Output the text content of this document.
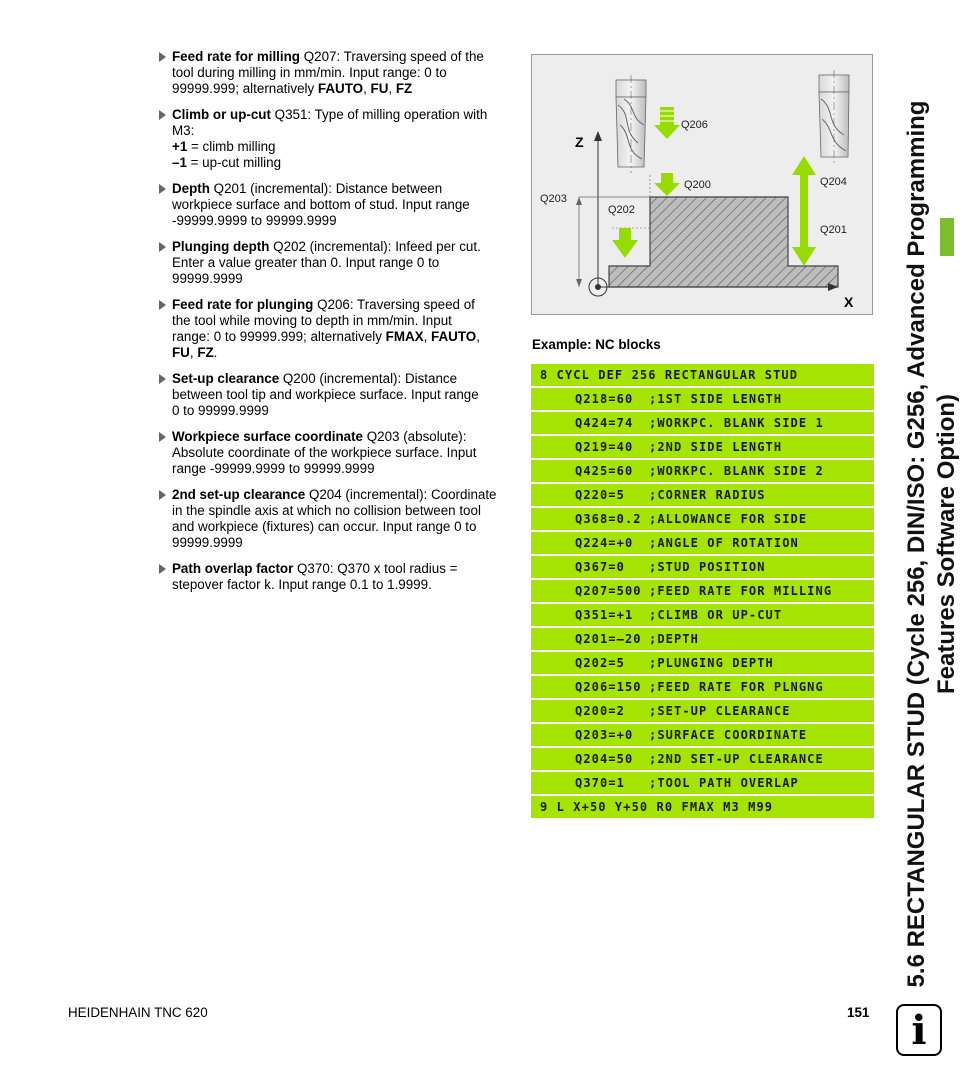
Feed rate for milling Q207: Traversing speed of the
tool during milling in mm/min. Input range: 0 to
99999.999; alternatively FAUTO, FU, FZ
Climb or up-cut Q351: Type of milling operation with
M3:
+1 = climb milling
–1 = up-cut milling
Depth Q201 (incremental): Distance between
workpiece surface and bottom of stud. Input range
-99999.9999 to 99999.9999
Plunging depth Q202 (incremental): Infeed per cut.
Enter a value greater than 0. Input range 0 to
99999.9999
Feed rate for plunging Q206: Traversing speed of
the tool while moving to depth in mm/min. Input
range: 0 to 99999.999; alternatively FMAX, FAUTO,
FU, FZ.
Set-up clearance Q200 (incremental): Distance
between tool tip and workpiece surface. Input range
0 to 99999.9999
Workpiece surface coordinate Q203 (absolute):
Absolute coordinate of the workpiece surface. Input
range -99999.9999 to 99999.9999
2nd set-up clearance Q204 (incremental): Coordinate
in the spindle axis at which no collision between tool
and workpiece (fixtures) can occur. Input range 0 to
99999.9999
Path overlap factor Q370: Q370 x tool radius =
stepover factor k. Input range 0.1 to 1.9999.
Z
X
Q206
Q200	Q204
Q203
Q202
Q201
Example: NC blocks
8 CYCL DEF 256 RECTANGULAR STUD
Q218=60 ;1ST SIDE LENGTH
Q424=74 ;WORKPC. BLANK SIDE 1
Q219=40 ;2ND SIDE LENGTH
Q425=60 ;WORKPC. BLANK SIDE 2
Q220=5 ;CORNER RADIUS
Q368=0.2 ;ALLOWANCE FOR SIDE
Q224=+0 ;ANGLE OF ROTATION
Q367=0 ;STUD POSITION
Q207=500 ;FEED RATE FOR MILLING
Q351=+1 ;CLIMB OR UP-CUT
Q201=–20 ;DEPTH
Q202=5 ;PLUNGING DEPTH
Q206=150 ;FEED RATE FOR PLNGNG
Q200=2 ;SET-UP CLEARANCE
Q203=+0 ;SURFACE COORDINATE
Q204=50 ;2ND SET-UP CLEARANCE
Q370=1 ;TOOL PATH OVERLAP
9 L X+50 Y+50 R0 FMAX M3 M99	5.6 RECTANGULAR STUD (Cycle 256, DIN/ISO: G256, Advanced Programming Features Software Option)
HEIDENHAIN TNC 620	151	i
